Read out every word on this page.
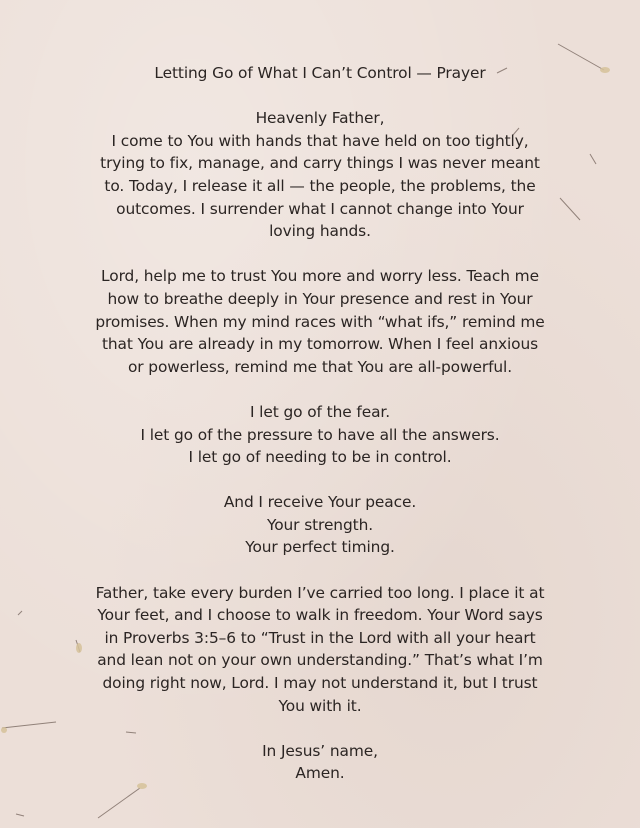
Letting Go of What I Can’t Control — Prayer
Heavenly Father,
I come to You with hands that have held on too tightly,
trying to fix, manage, and carry things I was never meant
to. Today, I release it all — the people, the problems, the
outcomes. I surrender what I cannot change into Your
loving hands.
Lord, help me to trust You more and worry less. Teach me
how to breathe deeply in Your presence and rest in Your
promises. When my mind races with “what ifs,” remind me
that You are already in my tomorrow. When I feel anxious
or powerless, remind me that You are all-powerful.
I let go of the fear.
I let go of the pressure to have all the answers.
I let go of needing to be in control.
And I receive Your peace.
Your strength.
Your perfect timing.
Father, take every burden I’ve carried too long. I place it at
Your feet, and I choose to walk in freedom. Your Word says
in Proverbs 3:5–6 to “Trust in the Lord with all your heart
and lean not on your own understanding.” That’s what I’m
doing right now, Lord. I may not understand it, but I trust
You with it.
In Jesus’ name,
Amen.
